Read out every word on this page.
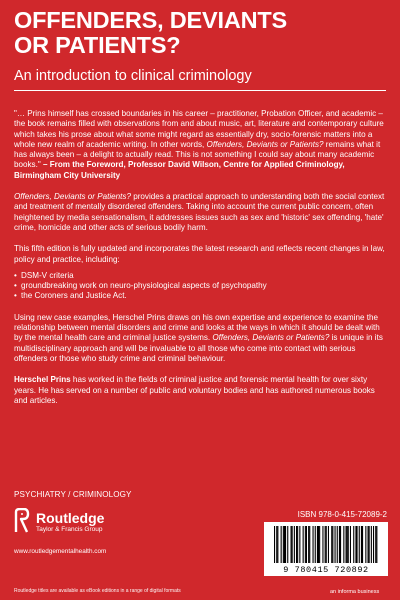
OFFENDERS, DEVIANTS
OR PATIENTS?
An introduction to clinical criminology

"… Prins himself has crossed boundaries in his career – practitioner, Probation Officer, and academic – the book remains filled with observations from and about music, art, literature and contemporary culture which takes his prose about what some might regard as essentially dry, socio-forensic matters into a whole new realm of academic writing. In other words, Offenders, Deviants or Patients? remains what it has always been – a delight to actually read. This is not something I could say about many academic books." – From the Foreword, Professor David Wilson, Centre for Applied Criminology, Birmingham City University

Offenders, Deviants or Patients? provides a practical approach to understanding both the social context and treatment of mentally disordered offenders. Taking into account the current public concern, often heightened by media sensationalism, it addresses issues such as sex and 'historic' sex offending, 'hate' crime, homicide and other acts of serious bodily harm.

This fifth edition is fully updated and incorporates the latest research and reflects recent changes in law, policy and practice, including:

• DSM-V criteria
• groundbreaking work on neuro-physiological aspects of psychopathy
• the Coroners and Justice Act.

Using new case examples, Herschel Prins draws on his own expertise and experience to examine the relationship between mental disorders and crime and looks at the ways in which it should be dealt with by the mental health care and criminal justice systems. Offenders, Deviants or Patients? is unique in its multidisciplinary approach and will be invaluable to all those who come into contact with serious offenders or those who study crime and criminal behaviour.

Herschel Prins has worked in the fields of criminal justice and forensic mental health for over sixty years. He has served on a number of public and voluntary bodies and has authored numerous books and articles.

PSYCHIATRY / CRIMINOLOGY
Routledge
Taylor & Francis Group
www.routledgementalhealth.com
Routledge titles are available as eBook editions in a range of digital formats
ISBN 978-0-415-72089-2
9 780415 720892
an informa business
